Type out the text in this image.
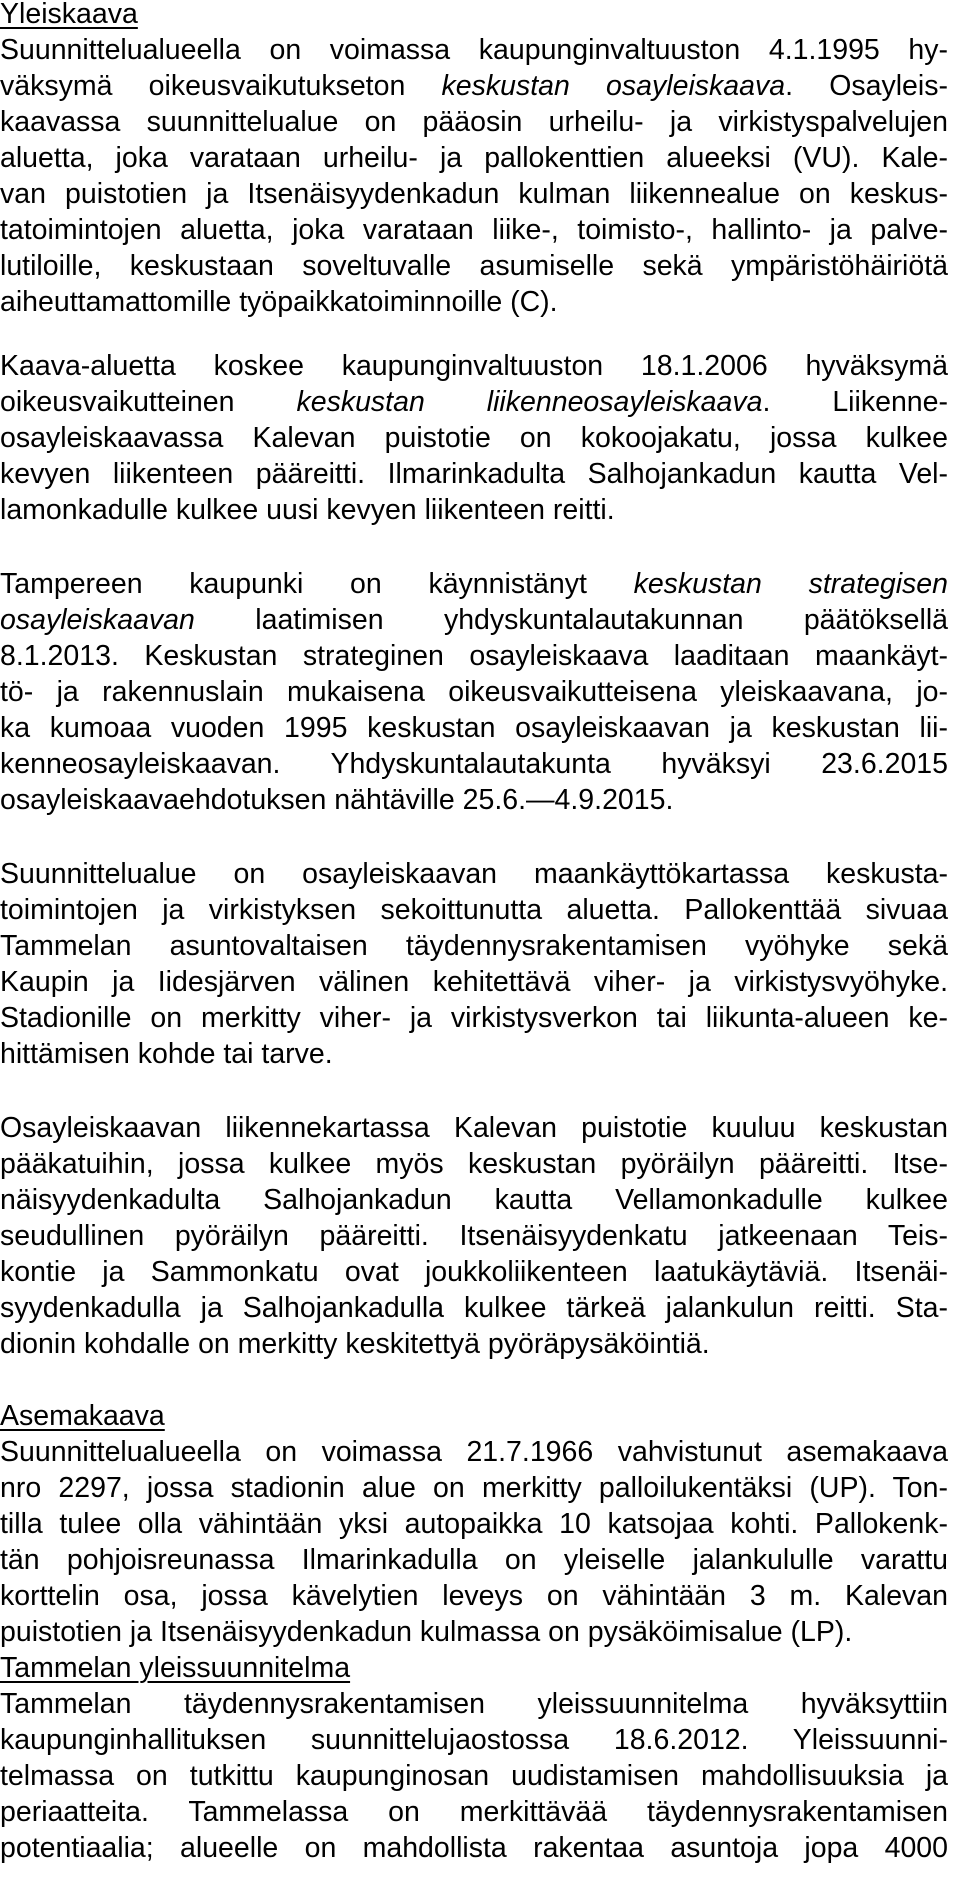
Yleiskaava
Suunnittelualueella on voimassa kaupunginvaltuuston 4.1.1995 hy-
väksymä oikeusvaikutukseton keskustan osayleiskaava. Osayleis-
kaavassa suunnittelualue on pääosin urheilu- ja virkistyspalvelujen
aluetta, joka varataan urheilu- ja pallokenttien alueeksi (VU). Kale-
van puistotien ja Itsenäisyydenkadun kulman liikennealue on keskus-
tatoimintojen aluetta, joka varataan liike-, toimisto-, hallinto- ja palve-
lutiloille, keskustaan soveltuvalle asumiselle sekä ympäristöhäiriötä
aiheuttamattomille työpaikkatoiminnoille (C).
Kaava-aluetta koskee kaupunginvaltuuston 18.1.2006 hyväksymä
oikeusvaikutteinen keskustan liikenneosayleiskaava. Liikenne-
osayleiskaavassa Kalevan puistotie on kokoojakatu, jossa kulkee
kevyen liikenteen pääreitti. Ilmarinkadulta Salhojankadun kautta Vel-
lamonkadulle kulkee uusi kevyen liikenteen reitti.
Tampereen kaupunki on käynnistänyt keskustan strategisen
osayleiskaavan laatimisen yhdyskuntalautakunnan päätöksellä
8.1.2013. Keskustan strateginen osayleiskaava laaditaan maankäyt-
tö- ja rakennuslain mukaisena oikeusvaikutteisena yleiskaavana, jo-
ka kumoaa vuoden 1995 keskustan osayleiskaavan ja keskustan lii-
kenneosayleiskaavan. Yhdyskuntalautakunta hyväksyi 23.6.2015
osayleiskaavaehdotuksen nähtäville 25.6.—4.9.2015.
Suunnittelualue on osayleiskaavan maankäyttökartassa keskusta-
toimintojen ja virkistyksen sekoittunutta aluetta. Pallokenttää sivuaa
Tammelan asuntovaltaisen täydennysrakentamisen vyöhyke sekä
Kaupin ja Iidesjärven välinen kehitettävä viher- ja virkistysvyöhyke.
Stadionille on merkitty viher- ja virkistysverkon tai liikunta-alueen ke-
hittämisen kohde tai tarve.
Osayleiskaavan liikennekartassa Kalevan puistotie kuuluu keskustan
pääkatuihin, jossa kulkee myös keskustan pyöräilyn pääreitti. Itse-
näisyydenkadulta Salhojankadun kautta Vellamonkadulle kulkee
seudullinen pyöräilyn pääreitti. Itsenäisyydenkatu jatkeenaan Teis-
kontie ja Sammonkatu ovat joukkoliikenteen laatukäytäviä. Itsenäi-
syydenkadulla ja Salhojankadulla kulkee tärkeä jalankulun reitti. Sta-
dionin kohdalle on merkitty keskitettyä pyöräpysäköintiä.
Asemakaava
Suunnittelualueella on voimassa 21.7.1966 vahvistunut asemakaava
nro 2297, jossa stadionin alue on merkitty palloilukentäksi (UP). Ton-
tilla tulee olla vähintään yksi autopaikka 10 katsojaa kohti. Pallokenk-
tän pohjoisreunassa Ilmarinkadulla on yleiselle jalankululle varattu
korttelin osa, jossa kävelytien leveys on vähintään 3 m. Kalevan
puistotien ja Itsenäisyydenkadun kulmassa on pysäköimisalue (LP).
Tammelan yleissuunnitelma
Tammelan täydennysrakentamisen yleissuunnitelma hyväksyttiin
kaupunginhallituksen suunnittelujaostossa 18.6.2012. Yleissuunni-
telmassa on tutkittu kaupunginosan uudistamisen mahdollisuuksia ja
periaatteita. Tammelassa on merkittävää täydennysrakentamisen
potentiaalia; alueelle on mahdollista rakentaa asuntoja jopa 4000
